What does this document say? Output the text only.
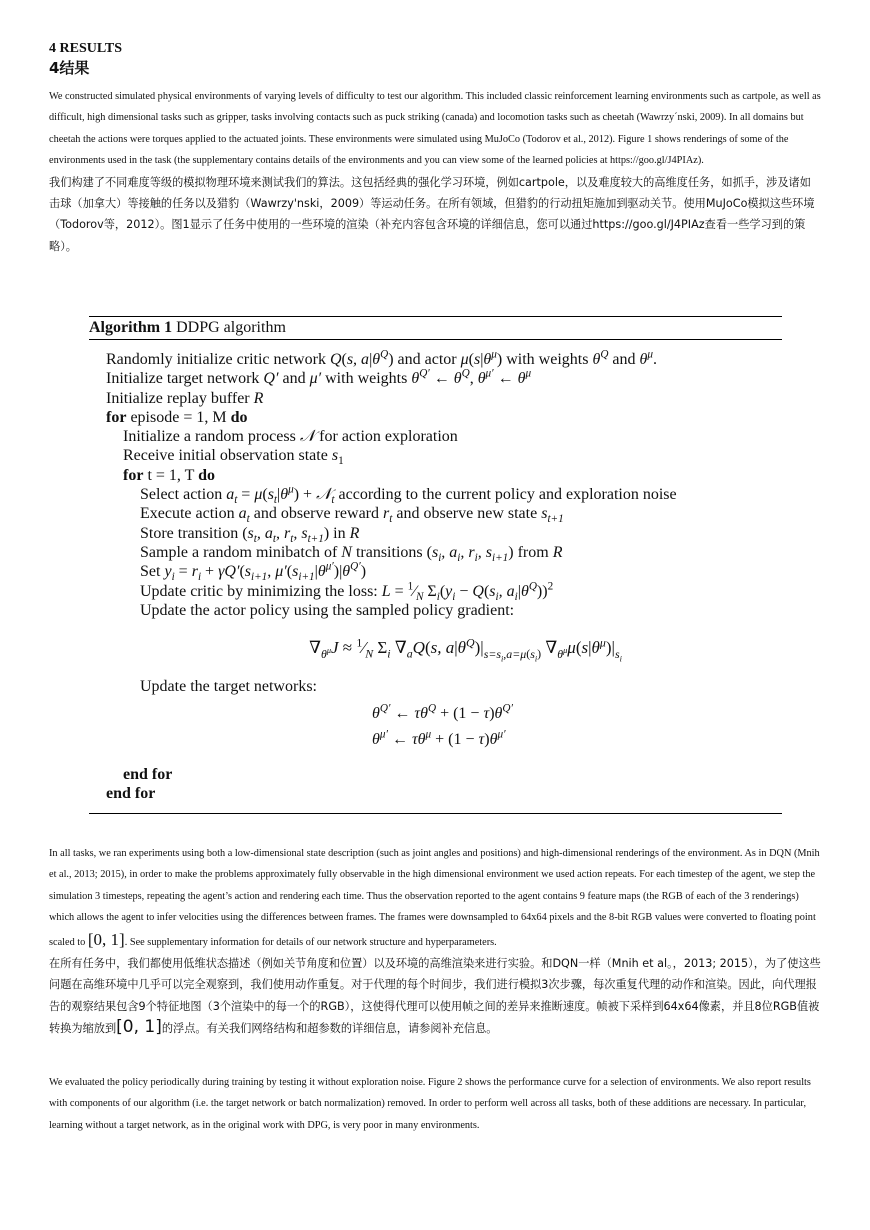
4 RESULTS

4结果

We constructed simulated physical environments of varying levels of difficulty to test our algorithm. This included classic reinforcement learning environments such as cartpole, as well as difficult, high dimensional tasks such as gripper, tasks involving contacts such as puck striking (canada) and locomotion tasks such as cheetah (Wawrzy´nski, 2009). In all domains but cheetah the actions were torques applied to the actuated joints. These environments were simulated using MuJoCo (Todorov et al., 2012). Figure 1 shows renderings of some of the environments used in the task (the supplementary contains details of the environments and you can view some of the learned policies at https://goo.gl/J4PIAz).

我们构建了不同难度等级的模拟物理环境来测试我们的算法。这包括经典的强化学习环境，例如cartpole，以及难度较大的高维度任务，如抓手，涉及诸如击球（加拿大）等接触的任务以及猎豹（Wawrzy'nski，2009）等运动任务。在所有领域，但猎豹的行动扭矩施加到驱动关节。使用MuJoCo模拟这些环境（Todorov等，2012）。图1显示了任务中使用的一些环境的渲染（补充内容包含环境的详细信息，您可以通过https://goo.gl/J4PIAz查看一些学习到的策略）。

Algorithm 1 DDPG algorithm
Randomly initialize critic network Q(s, $a|\theta^Q$) and actor $\mu(s|\theta^\mu)$ with weights $\theta^Q$ and $\theta^\mu$.
Initialize target network Q′ and μ′ with weights $\theta^{Q'}$ ← $\theta^Q$, $\theta^{\mu'}$ ← $\theta^\mu$
Initialize replay buffer R
for episode = 1, M do
Initialize a random process 𝒩 for action exploration
Receive initial observation state $s_1$
for t = 1, T do
Select action $a_t = \mu(s_t|\theta^\mu)$ + 𝒩$_t$ according to the current policy and exploration noise
Execute action $a_t$ and observe reward $r_t$ and observe new state $s_{t+1}$
Store transition ($s_t$, $a_t$, $r_t$, $s_{t+1}$) in R
Sample a random minibatch of N transitions ($s_i$, $a_i$, $r_i$, $s_{i+1}$) from R
Set $y_i = r_i + \gamma Q'(s_{i+1}$, $\mu'(s_{i+1}|\theta^{\mu'})|\theta^{Q'}$)
Update critic by minimizing the loss: $L = ^1⁄_N$ $\Sigma_i(y_i - Q(s_i$, $a_i|\theta^Q))^2$
Update the actor policy using the sampled policy gradient:
$\nabla_{\theta^\mu}J$ ≈ $^1⁄_N$ $\Sigma_i$ $\nabla_aQ(s$, $a|\theta^Q)|_{s=s_i,a=\mu(s_i)}$ $\nabla_{\theta^\mu}\mu(s|\theta^\mu)|_{s_i}$
Update the target networks:
$\theta^{Q'}$ ← $\tau\theta^Q + (1 - \tau)\theta^{Q'}$
$\theta^{\mu'}$ ← $\tau\theta^\mu + (1 - \tau)\theta^{\mu'}$
end for
end for

In all tasks, we ran experiments using both a low-dimensional state description (such as joint angles and positions) and high-dimensional renderings of the environment. As in DQN (Mnih et al., 2013; 2015), in order to make the problems approximately fully observable in the high dimensional environment we used action repeats. For each timestep of the agent, we step the simulation 3 timesteps, repeating the agent’s action and rendering each time. Thus the observation reported to the agent contains 9 feature maps (the RGB of each of the 3 renderings) which allows the agent to infer velocities using the differences between frames. The frames were downsampled to 64x64 pixels and the 8-bit RGB values were converted to floating point scaled to [0, 1]. See supplementary information for details of our network structure and hyperparameters.

在所有任务中，我们都使用低维状态描述（例如关节角度和位置）以及环境的高维渲染来进行实验。和DQN一样（Mnih et al。，2013; 2015），为了使这些问题在高维环境中几乎可以完全观察到，我们使用动作重复。对于代理的每个时间步，我们进行模拟3次步骤，每次重复代理的动作和渲染。因此，向代理报告的观察结果包含9个特征地图（3个渲染中的每一个的RGB），这使得代理可以使用帧之间的差异来推断速度。帧被下采样到64x64像素，并且8位RGB值被转换为缩放到[0, 1]的浮点。有关我们网络结构和超参数的详细信息，请参阅补充信息。

We evaluated the policy periodically during training by testing it without exploration noise. Figure 2 shows the performance curve for a selection of environments. We also report results with components of our algorithm (i.e. the target network or batch normalization) removed. In order to perform well across all tasks, both of these additions are necessary. In particular, learning without a target network, as in the original work with DPG, is very poor in many environments.
